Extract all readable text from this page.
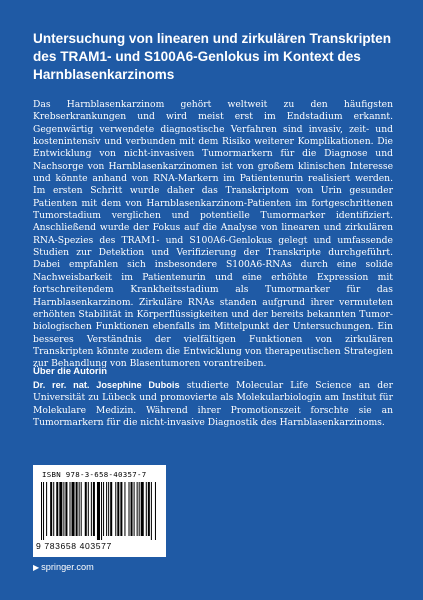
Untersuchung von linearen und zirkulären Transkripten
des TRAM1- und S100A6-Genlokus im Kontext des
Harnblasenkarzinoms
Das Harnblasenkarzinom gehört weltweit zu den häufigsten Krebserkrankungen und wird meist erst im Endstadium erkannt. Gegenwärtig verwendete diagnostische Verfahren sind invasiv, zeit- und kostenintensiv und verbunden mit dem Risiko weiterer Komplikationen. Die Entwicklung von nicht-invasiven Tumormarkern für die Diagnose und Nachsorge von Harnblasenkarzinomen ist von großem klinischen Interesse und könnte anhand von RNA-Markern im Patientenurin realisiert werden. Im ersten Schritt wurde daher das Transkriptom von Urin gesunder Patienten mit dem von Harnblasenkarzinom-Patienten im fortgeschrittenen Tumorstadium verglichen und potentielle Tumormarker identifiziert. Anschließend wurde der Fokus auf die Analyse von linearen und zirkulären RNA-Spezies des TRAM1- und S100A6-Genlokus gelegt und umfassende Studien zur Detektion und Verifizierung der Transkripte durchgeführt. Dabei empfahlen sich insbesondere S100A6-RNAs durch eine solide Nachweisbarkeit im Patientenurin und eine erhöhte Expression mit fortschreitendem Krankheitsstadium als Tumormarker für das Harnblasenkarzinom. Zirkuläre RNAs standen aufgrund ihrer vermuteten erhöhten Stabilität in Körperflüssigkeiten und der bereits bekannten Tumor-biologischen Funktionen ebenfalls im Mittelpunkt der Untersuchungen. Ein besseres Verständnis der vielfältigen Funktionen von zirkulären Transkripten könnte zudem die Entwicklung von therapeutischen Strategien zur Behandlung von Blasentumoren vorantreiben.
Über die Autorin
Dr. rer. nat. Josephine Dubois studierte Molecular Life Science an der Universität zu Lübeck und promovierte als Molekularbiologin am Institut für Molekulare Medizin. Während ihrer Promotionszeit forschte sie an Tumormarkern für die nicht-invasive Diagnostik des Harnblasenkarzinoms.
ISBN 978-3-658-40357-7
9 783658 403577
▶ springer.com
